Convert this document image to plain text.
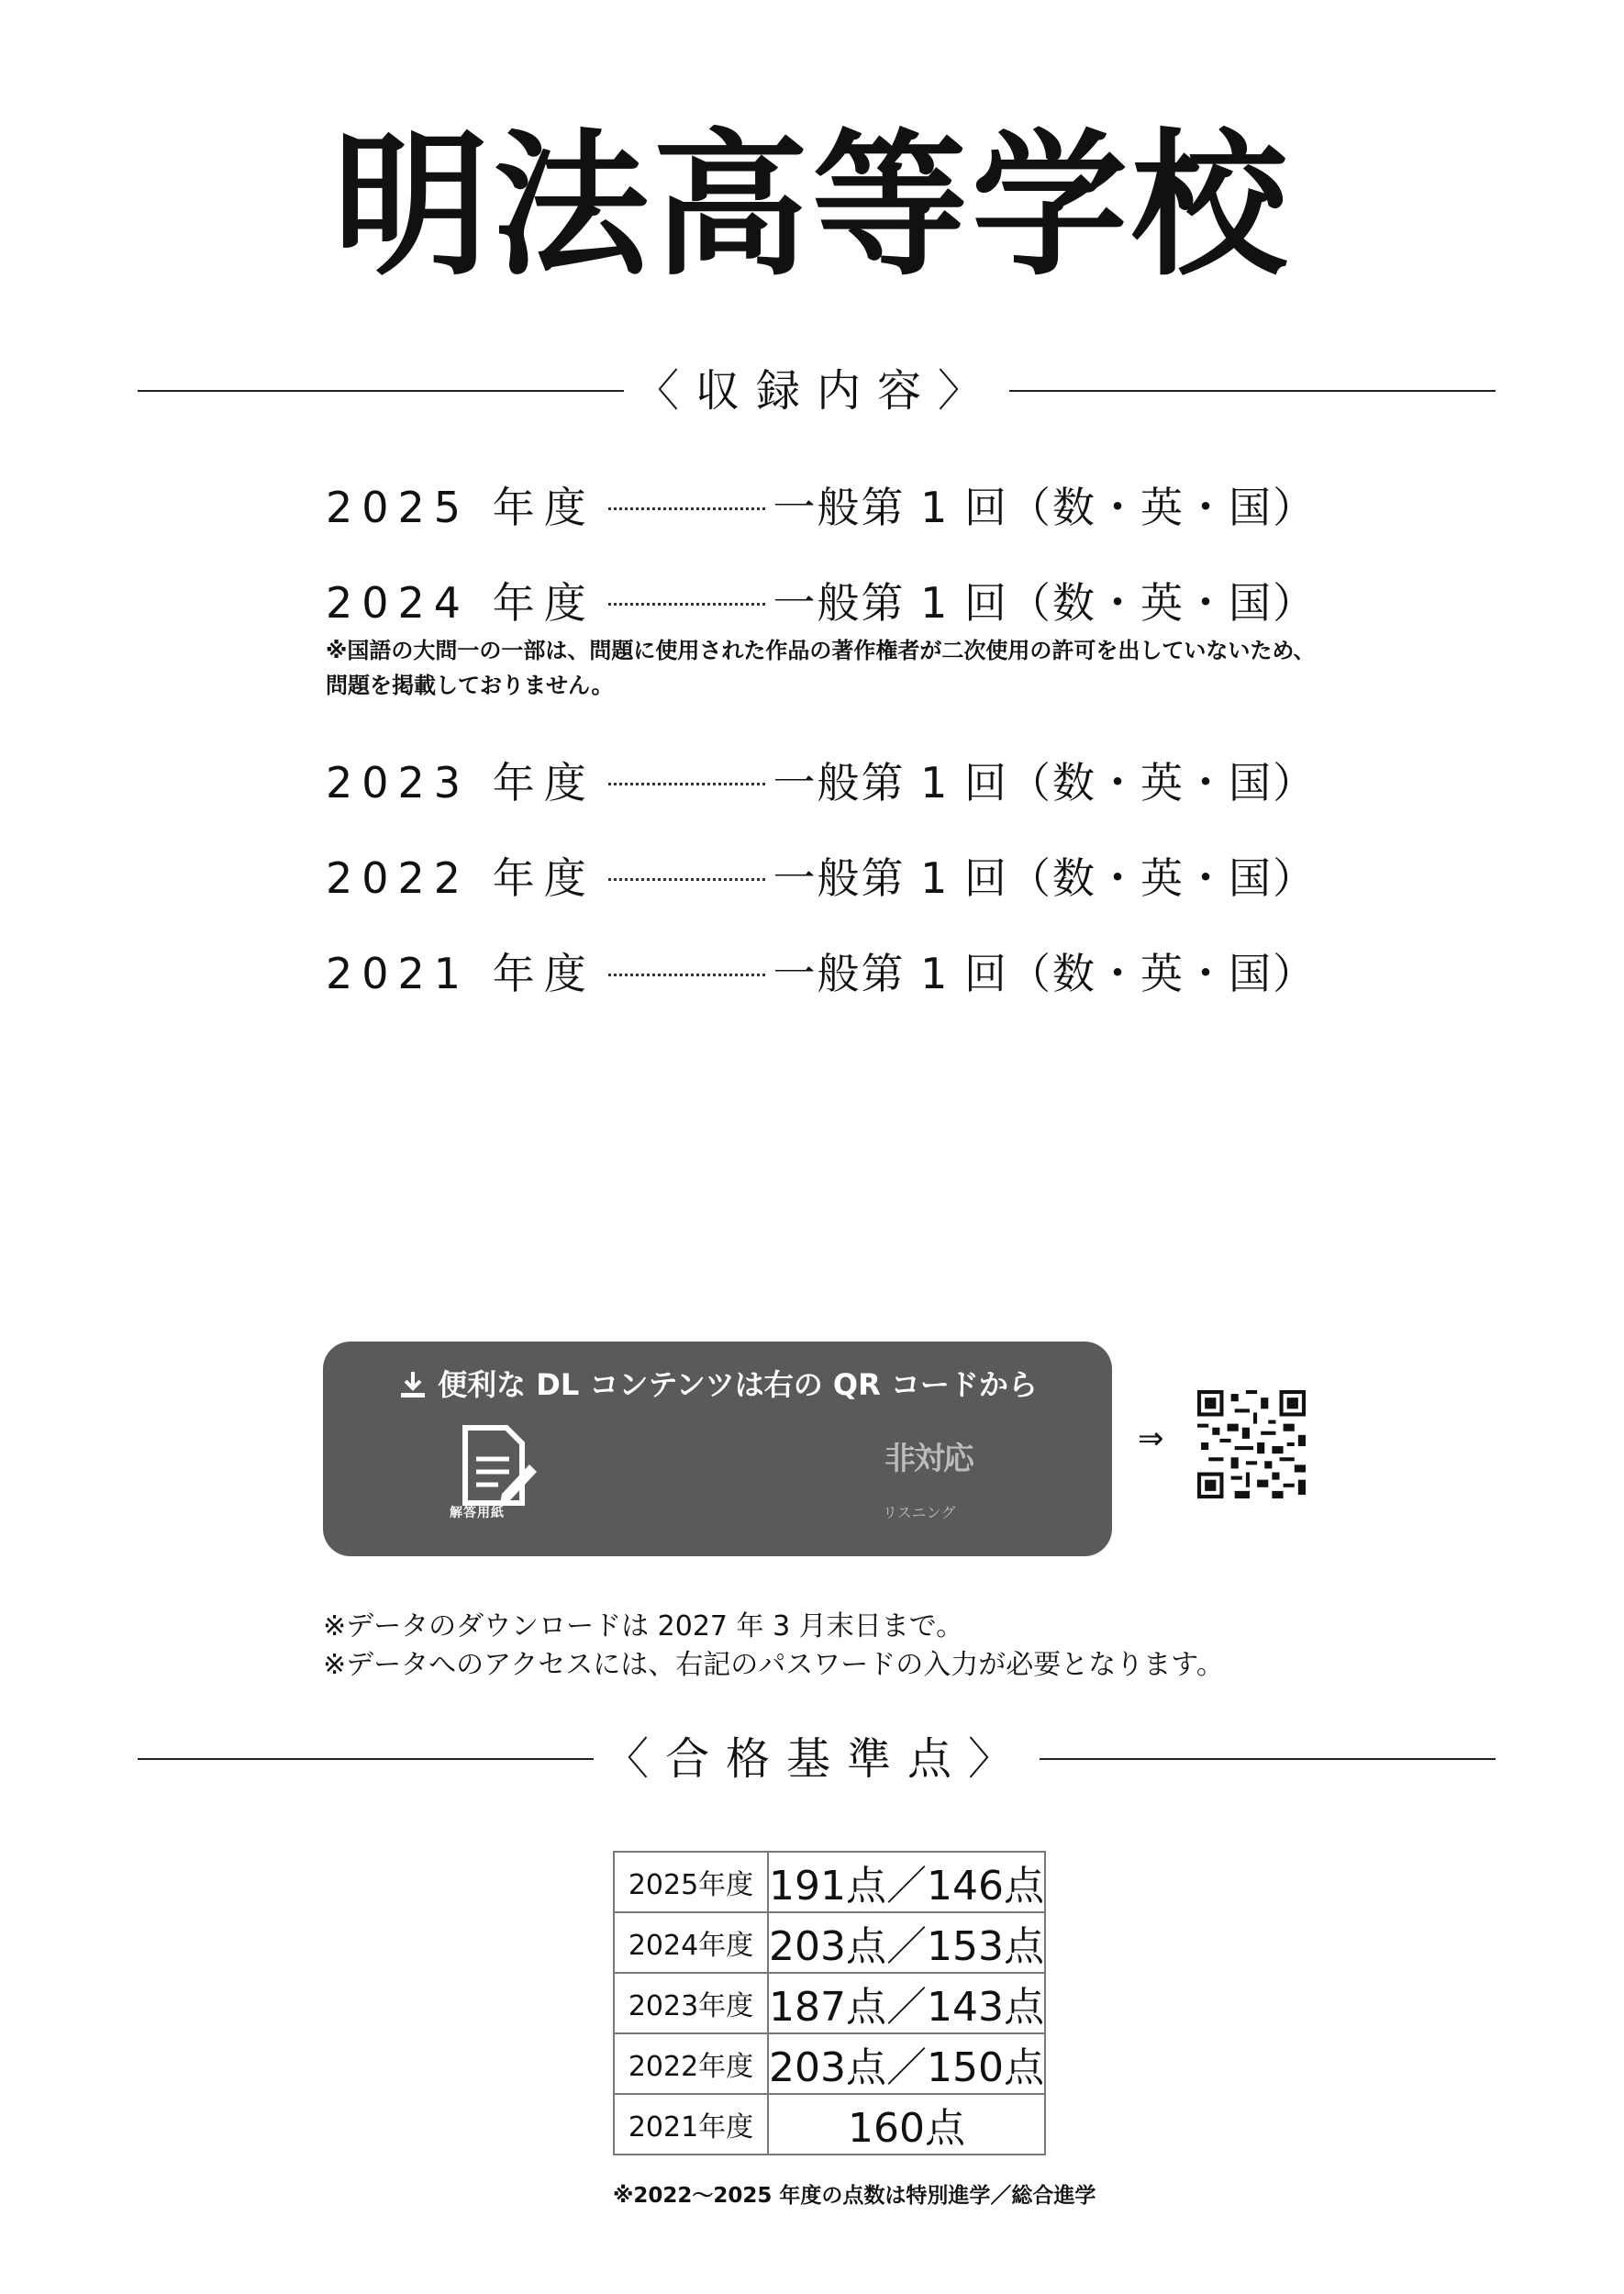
明法高等学校
〈収録内容〉
2025 年度	一般第 1 回（数・英・国）
2024 年度	一般第 1 回（数・英・国）
※国語の大問一の一部は、問題に使用された作品の著作権者が二次使用の許可を出していないため、問題を掲載しておりません。
2023 年度	一般第 1 回（数・英・国）
2022 年度	一般第 1 回（数・英・国）
2021 年度	一般第 1 回（数・英・国）
便利な DL コンテンツは右の QR コードから
解答用紙
非対応
リスニング
⇒
※データのダウンロードは 2027 年 3 月末日まで。
※データへのアクセスには、右記のパスワードの入力が必要となります。
〈合格基準点〉
2025年度	191点／146点
2024年度	203点／153点
2023年度	187点／143点
2022年度	203点／150点
2021年度	160点
※2022～2025 年度の点数は特別進学／総合進学
